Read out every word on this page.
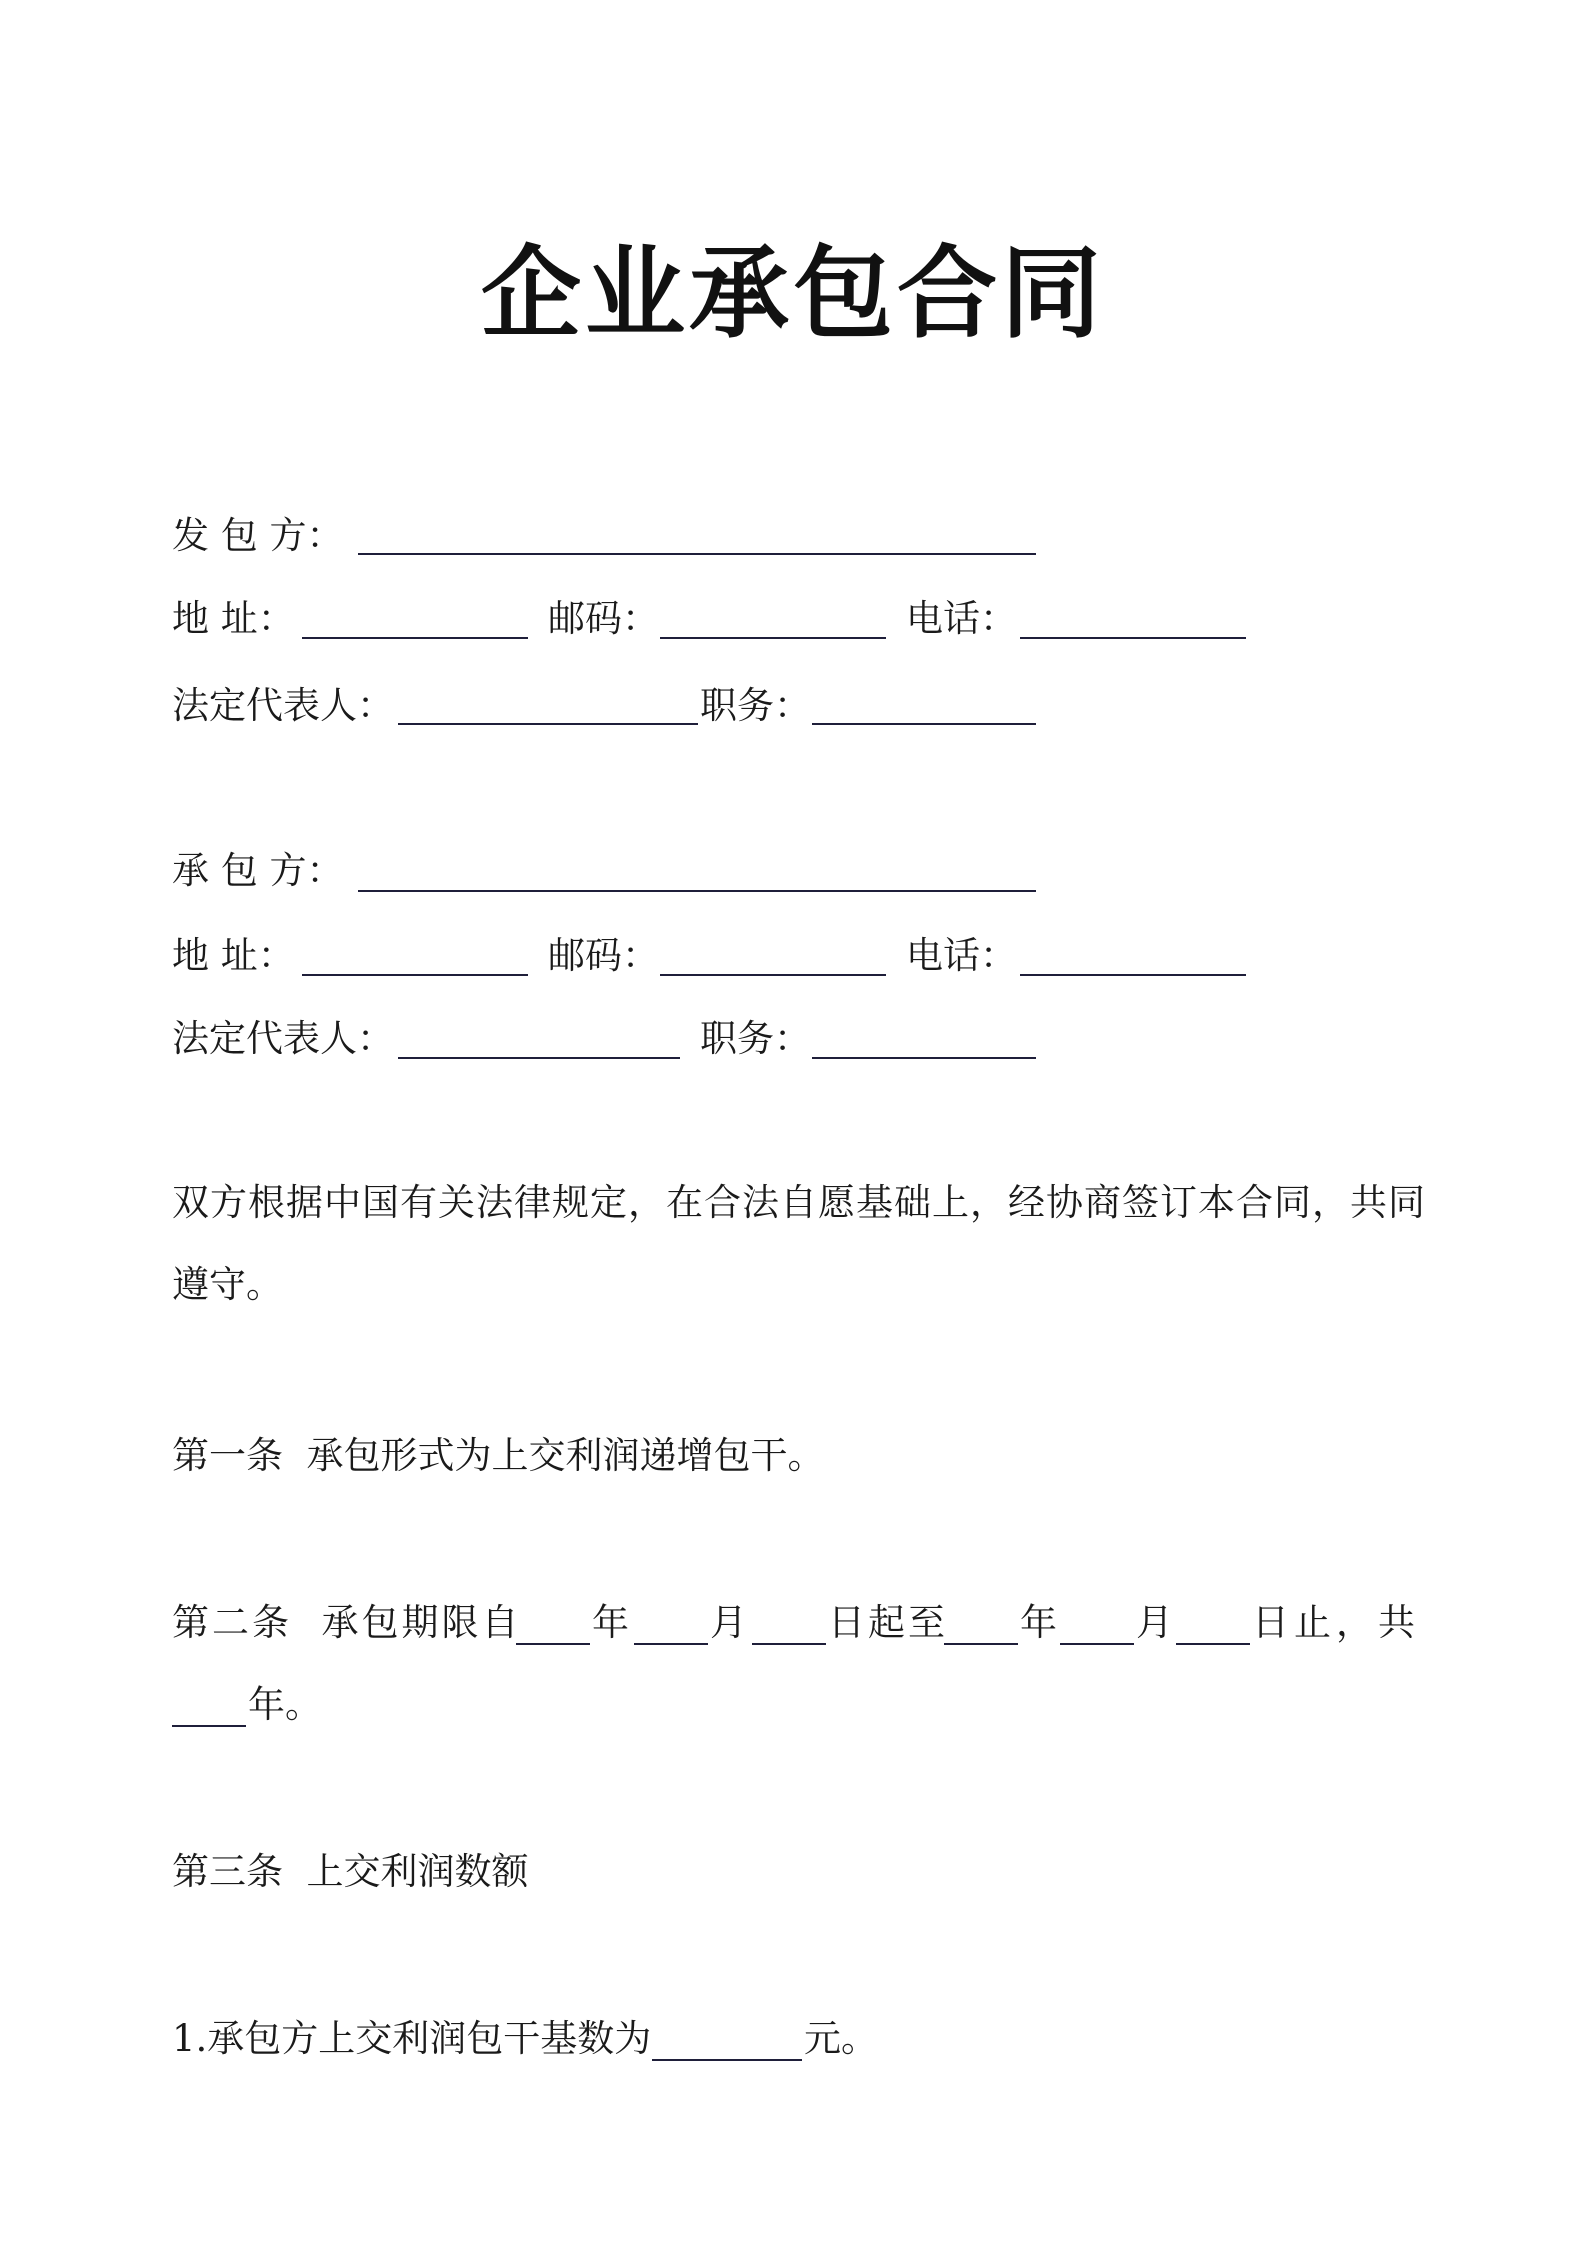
企业承包合同
发 包 方：
地 址：	邮码：	电话：
法定代表人：	职务：
承 包 方：
地 址：	邮码：	电话：
法定代表人：	职务：
双方根据中国有关法律规定，在合法自愿基础上，经协商签订本合同，共同
遵守。
第一条  承包形式为上交利润递增包干。
第二条  承包期限自 年 月 日起至 年 月 日止，共
年。
第三条  上交利润数额
1.承包方上交利润包干基数为	元。
